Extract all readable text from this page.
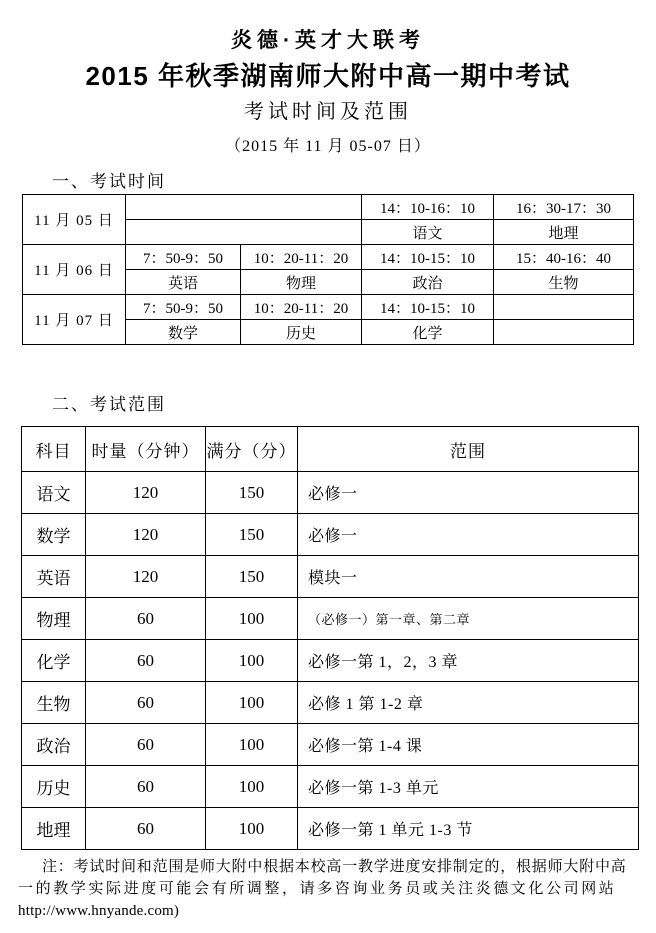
炎德·英才大联考
2015 年秋季湖南师大附中高一期中考试
考试时间及范围
（2015 年 11 月 05-07 日）
一、考试时间
11 月 05 日			14：10-16：10	16：30-17：30
			语文	地理
11 月 06 日	7：50-9：50	10：20-11：20	14：10-15：10	15：40-16：40
	英语	物理	政治	生物
11 月 07 日	7：50-9：50	10：20-11：20	14：10-15：10	
	数学	历史	化学	
二、考试范围
科目	时量（分钟）	满分（分）	范围
语文	120	150	必修一
数学	120	150	必修一
英语	120	150	模块一
物理	60	100	（必修一）第一章、第二章
化学	60	100	必修一第 1，2，3 章
生物	60	100	必修 1 第 1-2 章
政治	60	100	必修一第 1-4 课
历史	60	100	必修一第 1-3 单元
地理	60	100	必修一第 1 单元 1-3 节
注：考试时间和范围是师大附中根据本校高一教学进度安排制定的，根据师大附中高
一的教学实际进度可能会有所调整，请多咨询业务员或关注炎德文化公司网站
http://www.hnyande.com)
